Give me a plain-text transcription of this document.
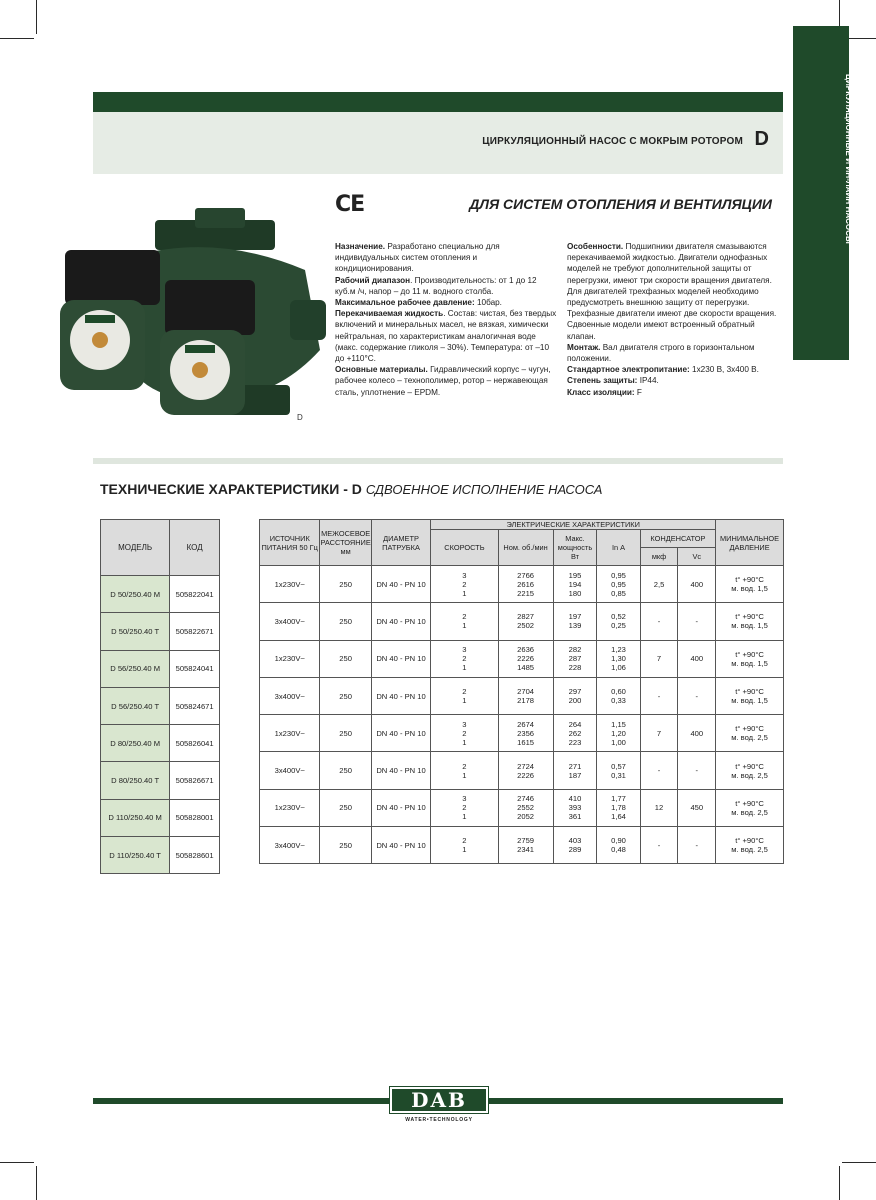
ЦИРКУЛЯЦИОННЫЙ НАСОС С МОКРЫМ РОТОРОМ D	ЦИРКУЛЯЦИОННЫЕ И ИН-ЛАЙН НАСОСЫ
CE	ДЛЯ СИСТЕМ ОТОПЛЕНИЯ И ВЕНТИЛЯЦИИ
D

Назначение. Разработано специально для индивидуальных систем отопления и кондиционирования.

Рабочий диапазон. Производительность: от 1 до 12 куб.м /ч, напор – до 11 м. водного столба.

Максимальное рабочее давление: 10бар.

Перекачиваемая жидкость. Состав: чистая, без твердых включений и минеральных масел, не вязкая, химически нейтральная, по характеристикам аналогичная воде (макс. содержание гликоля – 30%). Температура: от –10 до +110°C.

Основные материалы. Гидравлический корпус – чугун, рабочее колесо – технополимер, ротор – нержавеющая сталь, уплотнение – EPDM.

Особенности. Подшипники двигателя смазываются перекачиваемой жидкостью. Двигатели однофазных моделей не требуют дополнительной защиты от перегрузки, имеют три скорости вращения двигателя. Для двигателей трехфазных моделей необходимо предусмотреть внешнюю защиту от перегрузки. Трехфазные двигатели имеют две скорости вращения. Сдвоенные модели имеют встроенный обратный клапан.

Монтаж. Вал двигателя строго в горизонтальном положении.

Стандартное электропитание: 1x230 В, 3x400 В.

Степень защиты: IP44.

Класс изоляции: F

ТЕХНИЧЕСКИЕ ХАРАКТЕРИСТИКИ - D СДВОЕННОЕ ИСПОЛНЕНИЕ НАСОСА
МОДЕЛЬ	КОД
D 50/250.40 M	505822041
D 50/250.40 T	505822671
D 56/250.40 M	505824041
D 56/250.40 T	505824671
D 80/250.40 M	505826041
D 80/250.40 T	505826671
D 110/250.40 M	505828001
D 110/250.40 T	505828601
ИСТОЧНИК ПИТАНИЯ 50 Гц	МЕЖОСЕВОЕ РАССТОЯНИЕ мм	ДИАМЕТР ПАТРУБКА	ЭЛЕКТРИЧЕСКИЕ ХАРАКТЕРИСТИКИ						МИНИМАЛЬНОЕ ДАВЛЕНИЕ
			СКОРОСТЬ	Ном. об./мин	Макс. мощность Вт	In А	КОНДЕНСАТОР		
							мкф	Vc	
1x230V~	250	DN 40 - PN 10	3
2
1	2766
2616
2215	195
194
180	0,95
0,95
0,85	2,5	400	t° +90°C
м. вод. 1,5

3x400V~	250	DN 40 - PN 10	2
1	2827
2502	197
139	0,52
0,25	-	-	t° +90°C
м. вод. 1,5

1x230V~	250	DN 40 - PN 10	3
2
1	2636
2226
1485	282
287
228	1,23
1,30
1,06	7	400	t° +90°C
м. вод. 1,5

3x400V~	250	DN 40 - PN 10	2
1	2704
2178	297
200	0,60
0,33	-	-	t° +90°C
м. вод. 1,5

1x230V~	250	DN 40 - PN 10	3
2
1	2674
2356
1615	264
262
223	1,15
1,20
1,00	7	400	t° +90°C
м. вод. 2,5

3x400V~	250	DN 40 - PN 10	2
1	2724
2226	271
187	0,57
0,31	-	-	t° +90°C
м. вод. 2,5

1x230V~	250	DN 40 - PN 10	3
2
1	2746
2552
2052	410
393
361	1,77
1,78
1,64	12	450	t° +90°C
м. вод. 2,5

3x400V~	250	DN 40 - PN 10	2
1	2759
2341	403
289	0,90
0,48	-	-	t° +90°C
м. вод. 2,5
DAB
WATER•TECHNOLOGY
